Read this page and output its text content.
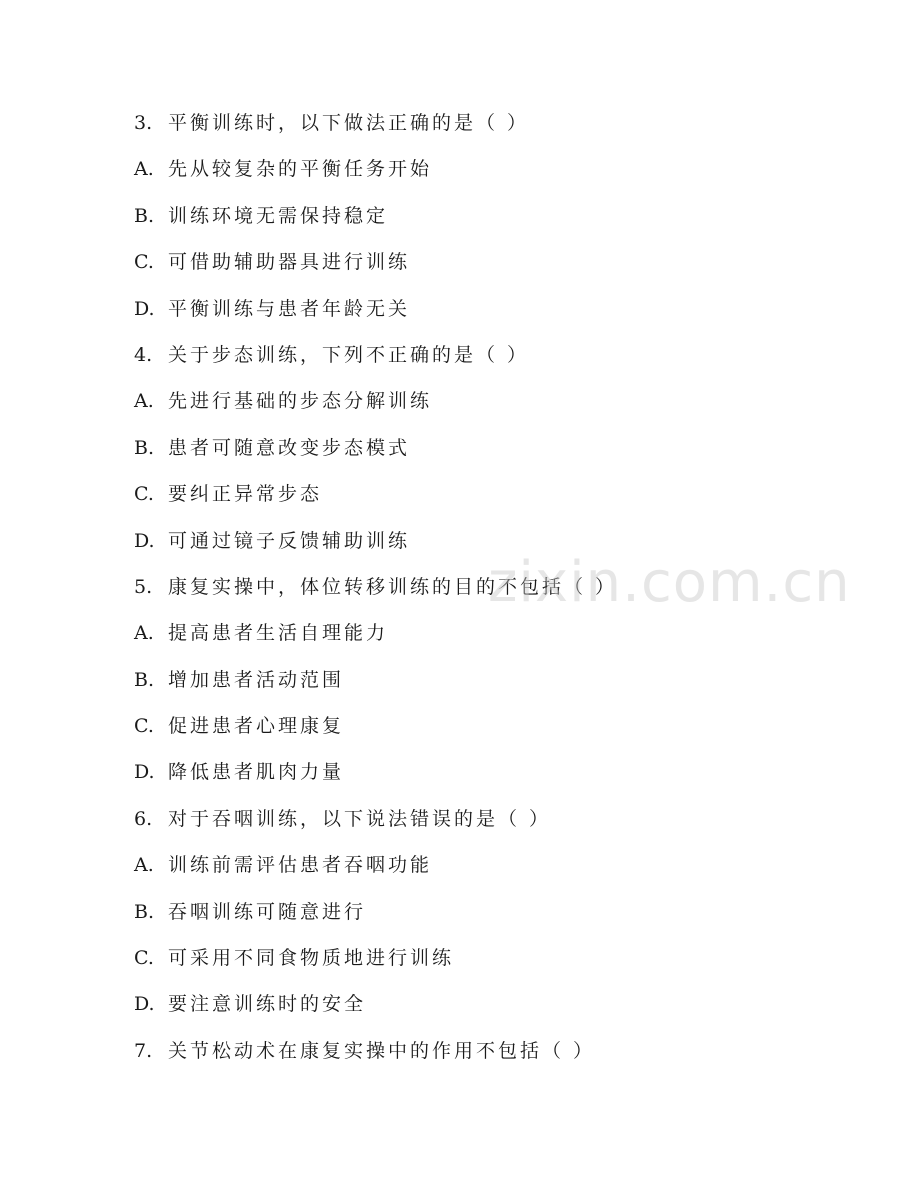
3. 平衡训练时，以下做法正确的是（ ）
A. 先从较复杂的平衡任务开始
B. 训练环境无需保持稳定
C. 可借助辅助器具进行训练
D. 平衡训练与患者年龄无关
4. 关于步态训练，下列不正确的是（ ）
A. 先进行基础的步态分解训练
B. 患者可随意改变步态模式
C. 要纠正异常步态
D. 可通过镜子反馈辅助训练
5. 康复实操中，体位转移训练的目的不包括（ ）
A. 提高患者生活自理能力
B. 增加患者活动范围
C. 促进患者心理康复
D. 降低患者肌肉力量
6. 对于吞咽训练，以下说法错误的是（ ）
A. 训练前需评估患者吞咽功能
B. 吞咽训练可随意进行
C. 可采用不同食物质地进行训练
D. 要注意训练时的安全
7. 关节松动术在康复实操中的作用不包括（ ）
zixin.com.cn
